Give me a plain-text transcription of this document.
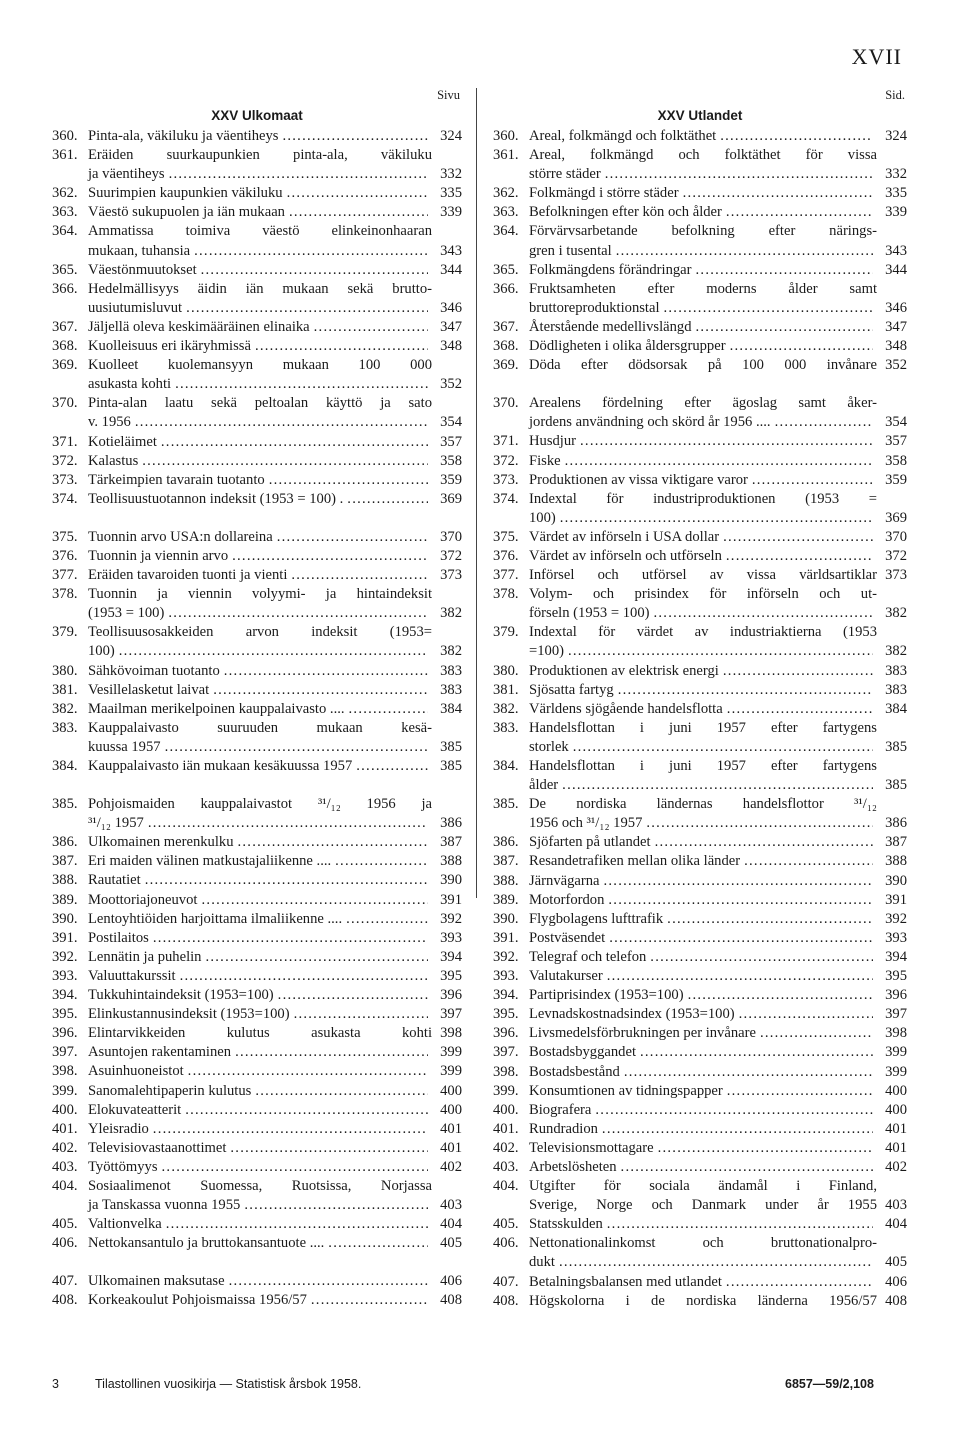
XVII
Sivu
XXV Ulkomaat
360. Pinta-ala, väkiluku ja väentiheys . . .	324
361. Eräiden suurkaupunkien pinta-ala, väkiluku
ja väentiheys . . .	332
362. Suurimpien kaupunkien väkiluku . . .	335
363. Väestö sukupuolen ja iän mukaan . . .	339
364. Ammatissa toimiva väestö elinkeinonhaaran
mukaan, tuhansia . . .	343
365. Väestönmuutokset . . .	344
366. Hedelmällisyys äidin iän mukaan sekä brutto-
uusiutumisluvut . . .	346
367. Jäljellä oleva keskimääräinen elinaika . . .	347
368. Kuolleisuus eri ikäryhmissä . . .	348
369. Kuolleet kuolemansyyn mukaan 100 000
asukasta kohti . . .	352
370. Pinta-alan laatu sekä peltoalan käyttö ja sato
v. 1956 . . .	354
371. Kotieläimet . . .	357
372. Kalastus . . .	358
373. Tärkeimpien tavarain tuotanto . . .	359
374. Teollisuustuotannon indeksit (1953 = 100) . . . .	369
375. Tuonnin arvo USA:n dollareina . . .	370
376. Tuonnin ja viennin arvo . . .	372
377. Eräiden tavaroiden tuonti ja vienti . . .	373
378. Tuonnin ja viennin volyymi- ja hintaindeksit
(1953 = 100) . . .	382
379. Teollisuusosakkeiden arvon indeksit (1953=
100) . . .	382
380. Sähkövoiman tuotanto . . .	383
381. Vesillelasketut laivat . . .	383
382. Maailman merikelpoinen kauppalaivasto .... . . .	384
383. Kauppalaivasto suuruuden mukaan kesä-
kuussa 1957 . . .	385
384. Kauppalaivasto iän mukaan kesäkuussa 1957 . . .	385
385. Pohjoismaiden kauppalaivastot ³¹/₁₂ 1956 ja
³¹/₁₂ 1957 . . .	386
386. Ulkomainen merenkulku . . .	387
387. Eri maiden välinen matkustajaliikenne .... . . .	388
388. Rautatiet . . .	390
389. Moottoriajoneuvot . . .	391
390. Lentoyhtiöiden harjoittama ilmaliikenne .... . . .	392
391. Postilaitos . . .	393
392. Lennätin ja puhelin . . .	394
393. Valuuttakurssit . . .	395
394. Tukkuhintaindeksit (1953=100) . . .	396
395. Elinkustannusindeksit (1953=100) . . .	397
396. Elintarvikkeiden kulutus asukasta kohti 398
397. Asuntojen rakentaminen . . .	399
398. Asuinhuoneistot . . .	399
399. Sanomalehtipaperin kulutus . . .	400
400. Elokuvateatterit . . .	400
401. Yleisradio . . .	401
402. Televisiovastaanottimet . . .	401
403. Työttömyys . . .	402
404. Sosiaalimenot Suomessa, Ruotsissa, Norjassa
ja Tanskassa vuonna 1955 . . .	403
405. Valtionvelka . . .	404
406. Nettokansantulo ja bruttokansantuote .... . . .	405
407. Ulkomainen maksutase . . .	406
408. Korkeakoulut Pohjoismaissa 1956/57 . . .	408
Sid.
XXV Utlandet
360. Areal, folkmängd och folktäthet . . .	324
361. Areal, folkmängd och folktäthet för vissa
större städer . . .	332
362. Folkmängd i större städer . . .	335
363. Befolkningen efter kön och ålder . . .	339
364. Förvärvsarbetande befolkning efter närings-
gren i tusental . . .	343
365. Folkmängdens förändringar . . .	344
366. Fruktsamheten efter moderns ålder samt
bruttoreproduktionstal . . .	346
367. Återstående medellivslängd . . .	347
368. Dödligheten i olika åldersgrupper . . .	348
369. Döda efter dödsorsak på 100 000 invånare 352
370. Arealens fördelning efter ägoslag samt åker-
jordens användning och skörd år 1956 .... . . .	354
371. Husdjur . . .	357
372. Fiske . . .	358
373. Produktionen av vissa viktigare varor . . .	359
374. Indextal för industriproduktionen (1953 =
100) . . .	369
375. Värdet av införseln i USA dollar . . .	370
376. Värdet av införseln och utförseln . . .	372
377. Införsel och utförsel av vissa världsartiklar 373
378. Volym- och prisindex för införseln och ut-
förseln (1953 = 100) . . .	382
379. Indextal för värdet av industriaktierna (1953
=100) . . .	382
380. Produktionen av elektrisk energi . . .	383
381. Sjösatta fartyg . . .	383
382. Världens sjögående handelsflotta . . .	384
383. Handelsflottan i juni 1957 efter fartygens
storlek . . .	385
384. Handelsflottan i juni 1957 efter fartygens
ålder . . .	385
385. De nordiska ländernas handelsflottor ³¹/₁₂
1956 och ³¹/₁₂ 1957 . . .	386
386. Sjöfarten på utlandet . . .	387
387. Resandetrafiken mellan olika länder . . .	388
388. Järnvägarna . . .	390
389. Motorfordon . . .	391
390. Flygbolagens lufttrafik . . .	392
391. Postväsendet . . .	393
392. Telegraf och telefon . . .	394
393. Valutakurser . . .	395
394. Partiprisindex (1953=100) . . .	396
395. Levnadskostnadsindex (1953=100) . . .	397
396. Livsmedelsförbrukningen per invånare . . .	398
397. Bostadsbyggandet . . .	399
398. Bostadsbestånd . . .	399
399. Konsumtionen av tidningspapper . . .	400
400. Biografera . . .	400
401. Rundradion . . .	401
402. Televisionsmottagare . . .	401
403. Arbetslösheten . . .	402
404. Utgifter för sociala ändamål i Finland,
Sverige, Norge och Danmark under år 1955 403
405. Statsskulden . . .	404
406. Nettonationalinkomst och bruttonationalpro-
dukt . . .	405
407. Betalningsbalansen med utlandet . . .	406
408. Högskolorna i de nordiska länderna 1956/57 408
3	Tilastollinen vuosikirja — Statistisk årsbok 1958.	6857—59/2,108
